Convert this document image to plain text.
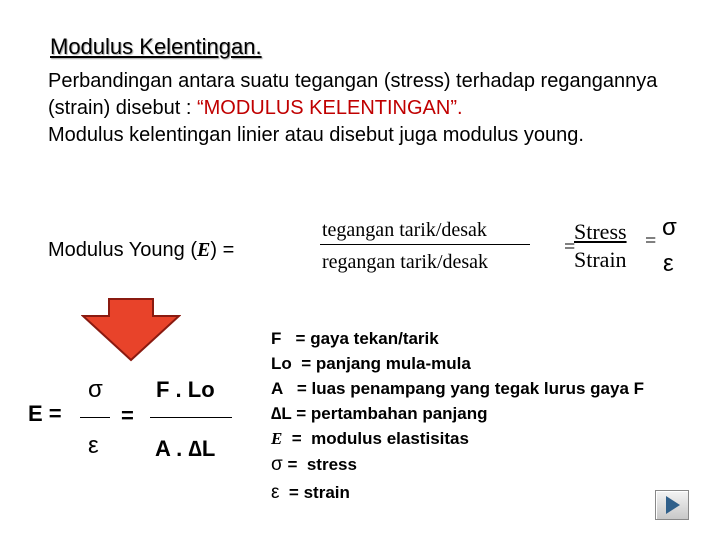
Modulus Kelentingan.
Perbandingan antara suatu tegangan (stress) terhadap regangannya (strain) disebut : “MODULUS KELENTINGAN”.
Modulus kelentingan linier atau disebut juga modulus young.
Modulus Young (E) =
tegangan tarik/desak
regangan tarik/desak
=
Stress
Strain
= σ
ε
E =
σ
ε
=
F . Lo
A . ∆L
F   = gaya tekan/tarik
Lo  = panjang mula-mula
A   = luas penampang yang tegak lurus gaya F
∆L = pertambahan panjang
E  =  modulus elastisitas
σ =  stress
ε  = strain
